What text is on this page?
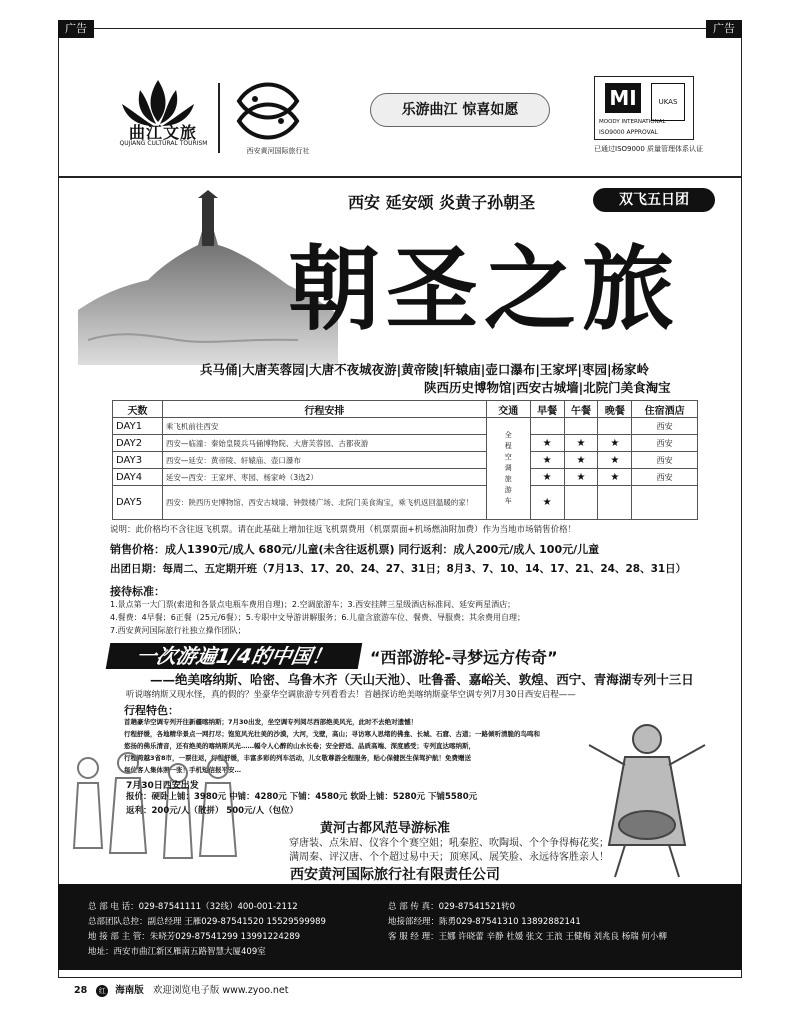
广告	广告
曲江文旅
QUJIANG CULTURAL TOURISM
西安黄河国际旅行社
乐游曲江 惊喜如愿	MI	UKAS
ISO9000 APPROVAL
MOODY INTERNATIONAL
已通过ISO9000 质量管理体系认证
西安 延安颂 炎黄子孙朝圣	双飞五日团
朝圣之旅
兵马俑|大唐芙蓉园|大唐不夜城夜游|黄帝陵|轩辕庙|壶口瀑布|王家坪|枣园|杨家岭
陕西历史博物馆|西安古城墙|北院门美食淘宝
天数	行程安排	交通	早餐	午餐	晚餐	住宿酒店
DAY1	乘飞机前往西安	全程空调旅游车				西安
DAY2	西安—临潼：秦始皇陵兵马俑博物院、大唐芙蓉园、古都夜游		★	★	★	西安
DAY3	西安—延安：黄帝陵、轩辕庙、壶口瀑布		★	★	★	西安
DAY4	延安—西安：王家坪、枣园、杨家岭（3选2）		★	★	★	西安
DAY5	西安：陕西历史博物馆、西安古城墙、钟鼓楼广场、北院门美食淘宝，乘飞机返回温暖的家！		★			
说明：此价格均不含往返飞机票。请在此基础上增加往返飞机票费用（机票票面+机场燃油附加费）作为当地市场销售价格！
销售价格：成人1390元/成人 680元/儿童(未含往返机票) 同行返利：成人200元/成人 100元/儿童
出团日期：每周二、五定期开班（7月13、17、20、24、27、31日；8月3、7、10、14、17、21、24、28、31日）
接待标准：
1.景点第一大门票(索道和各景点电瓶车费用自理)；2.空调旅游车；3.西安挂牌三星级酒店标准间、延安两星酒店；
4.餐费：4早餐；6正餐（25元/6餐）；5.专职中文导游讲解服务；6.儿童含旅游车位、餐费、导服费；其余费用自理；
7.西安黄河国际旅行社独立操作团队；
一次游遍1/4的中国！	“西部游轮-寻梦远方传奇”
——绝美喀纳斯、哈密、乌鲁木齐（天山天池）、吐鲁番、嘉峪关、敦煌、西宁、青海湖专列十三日
听说喀纳斯又现水怪，真的假的？坐豪华空调旅游专列看看去！首趟探访绝美喀纳斯豪华空调专列7月30日西安启程——
行程特色：
首趟豪华空调专列开往新疆喀纳斯；7月30出发，坐空调专列阅尽西部绝美风光，此时不去绝对遗憾！
行程舒缓，各地精华景点一网打尽；饱览风光壮美的沙漠，大河，戈壁，高山；寻访寒人思绪的佛龛、长城、石窟、古道；一路倾听清脆的鸟鸣和
悠扬的佛乐清音，还有绝美的喀纳斯风光……幅令人心醉的山水长卷；安全舒适、品质高端、深度感受；专列直达喀纳斯，
行程跨越3省8市，一票往返，行程舒缓，丰富多彩的列车活动，儿女敬尊游全程服务，贴心保健医生保驾护航！免费赠送
每位客人集体照一张！手机短信报平安…
7月30日西安出发
报价：硬卧上铺：3980元 中铺：4280元 下铺：4580元 软卧上铺：5280元 下铺5580元
返利：200元/人（散拼） 500元/人（包位）
黄河古都风范导游标准
穿唐装、点朱眉、仪容个个赛空姐；吼秦腔、吹陶埙、个个争得梅花奖；
满周秦、评汉唐、个个超过易中天；顶寒风、展笑脸、永远待客胜亲人！
西安黄河国际旅行社有限责任公司
总 部 电 话：029-87541111（32线）400-001-2112	总 部 传 真：029-87541521转0
总部团队总控：副总经理 王雁029-87541520 15529599989	地接部经理：陈勇029-87541310 13892882141
地 接 部 主 管：朱晓芳029-87541299 13991224289	客 服 经 理：王娜 许晓蕾 辛静 杜媛 张文 王浪 王健梅 刘兆良 杨瑞 何小柳
地址：西安市曲江新区雁南五路智慧大厦409室
28 红 海南版 欢迎浏览电子版 www.zyoo.net
